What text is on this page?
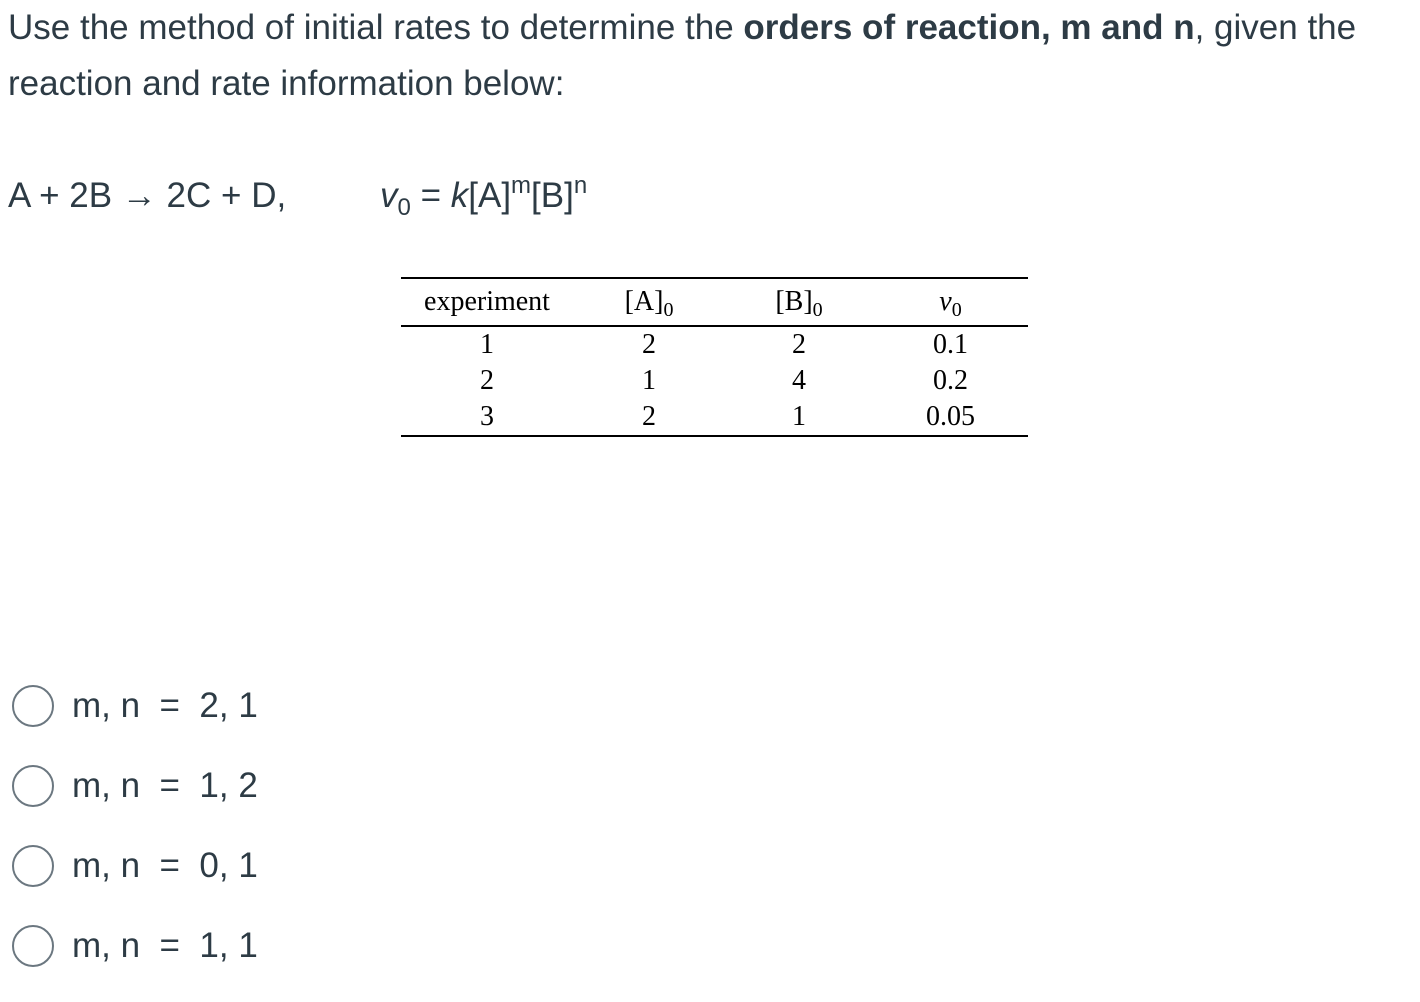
Use the method of initial rates to determine the orders of reaction, m and n, given the reaction and rate information below:
A + 2B → 2C + D,	$v_0 = k[A]^m[B]^n$
experiment	$[A]_0$	$[B]_0$	$v_0$
1	2	2	0.1
2	1	4	0.2
3	2	1	0.05
m, n  =  2, 1
m, n  =  1, 2
m, n  =  0, 1
m, n  =  1, 1
